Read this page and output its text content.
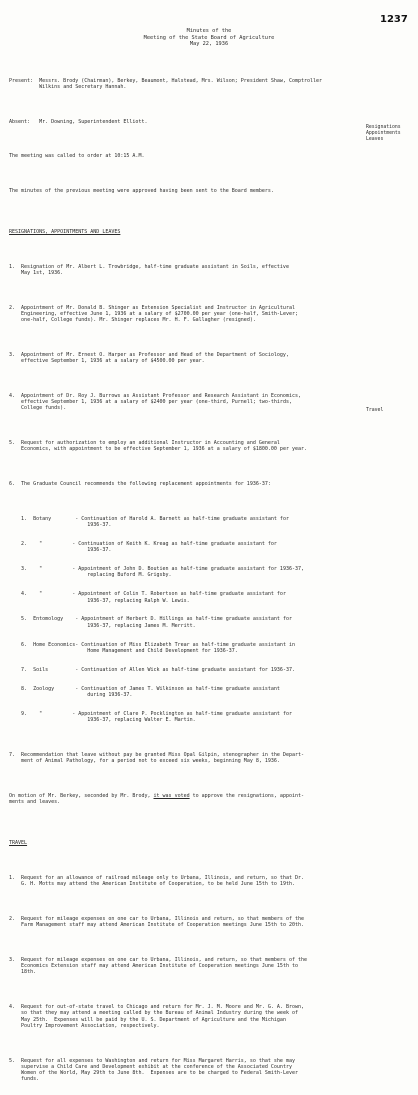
1237
Minutes of the
Meeting of the State Board of Agriculture
May 22, 1936

Present:  Messrs. Brody (Chairman), Berkey, Beaumont, Halstead, Mrs. Wilson; President Shaw, Comptroller
Wilkins and Secretary Hannah.

Absent:   Mr. Downing, Superintendent Elliott.

The meeting was called to order at 10:15 A.M.

The minutes of the previous meeting were approved having been sent to the Board members.

RESIGNATIONS, APPOINTMENTS AND LEAVES

1.  Resignation of Mr. Albert L. Trowbridge, half-time graduate assistant in Soils, effective
May 1st, 1936.

2.  Appointment of Mr. Donald B. Shinger as Extension Specialist and Instructor in Agricultural
Engineering, effective June 1, 1936 at a salary of $2700.00 per year (one-half, Smith-Lever;
one-half, College funds). Mr. Shinger replaces Mr. H. F. Gallagher (resigned).

3.  Appointment of Mr. Ernest O. Harper as Professor and Head of the Department of Sociology,
effective September 1, 1936 at a salary of $4500.00 per year.

4.  Appointment of Dr. Roy J. Burrows as Assistant Professor and Research Assistant in Economics,
effective September 1, 1936 at a salary of $2400 per year (one-third, Purnell; two-thirds,
College funds).

5.  Request for authorization to employ an additional Instructor in Accounting and General
Economics, with appointment to be effective September 1, 1936 at a salary of $1800.00 per year.

6.  The Graduate Council recommends the following replacement appointments for 1936-37:

1.  Botany        - Continuation of Harold A. Barnett as half-time graduate assistant for
1936-37.

2.    "          - Continuation of Keith K. Kreag as half-time graduate assistant for
1936-37.

3.    "          - Appointment of John D. Boutien as half-time graduate assistant for 1936-37,
replacing Buford M. Grigsby.

4.    "          - Appointment of Colin T. Robertson as half-time graduate assistant for
1936-37, replacing Ralph W. Lewis.

5.  Entomology    - Appointment of Herbert D. Hillings as half-time graduate assistant for
1936-37, replacing James M. Merritt.

6.  Home Economics- Continuation of Miss Elizabeth Trear as half-time graduate assistant in
Home Management and Child Development for 1936-37.

7.  Soils         - Continuation of Allen Wick as half-time graduate assistant for 1936-37.

8.  Zoology       - Continuation of James T. Wilkinson as half-time graduate assistant
during 1936-37.

9.    "          - Appointment of Clare P. Pocklington as half-time graduate assistant for
1936-37, replacing Walter E. Martin.

7.  Recommendation that leave without pay be granted Miss Opal Gilpin, stenographer in the Depart-
ment of Animal Pathology, for a period not to exceed six weeks, beginning May 8, 1936.

On motion of Mr. Berkey, seconded by Mr. Brody, it was voted to approve the resignations, appoint-
ments and leaves.

TRAVEL

1.  Request for an allowance of railroad mileage only to Urbana, Illinois, and return, so that Dr.
G. H. Motts may attend the American Institute of Cooperation, to be held June 15th to 19th.

2.  Request for mileage expenses on one car to Urbana, Illinois and return, so that members of the
Farm Management staff may attend American Institute of Cooperation meetings June 15th to 20th.

3.  Request for mileage expenses on one car to Urbana, Illinois, and return, so that members of the
Economics Extension staff may attend American Institute of Cooperation meetings June 15th to
18th.

4.  Request for out-of-state travel to Chicago and return for Mr. J. M. Moore and Mr. G. A. Brown,
so that they may attend a meeting called by the Bureau of Animal Industry during the week of
May 25th.  Expenses will be paid by the U. S. Department of Agriculture and the Michigan
Poultry Improvement Association, respectively.

5.  Request for all expenses to Washington and return for Miss Margaret Harris, so that she may
supervise a Child Care and Development exhibit at the conference of the Associated Country
Women of the World, May 29th to June 8th.  Expenses are to be charged to Federal Smith-Lever
funds.

Resignations
Appointments
Leaves
Travel
